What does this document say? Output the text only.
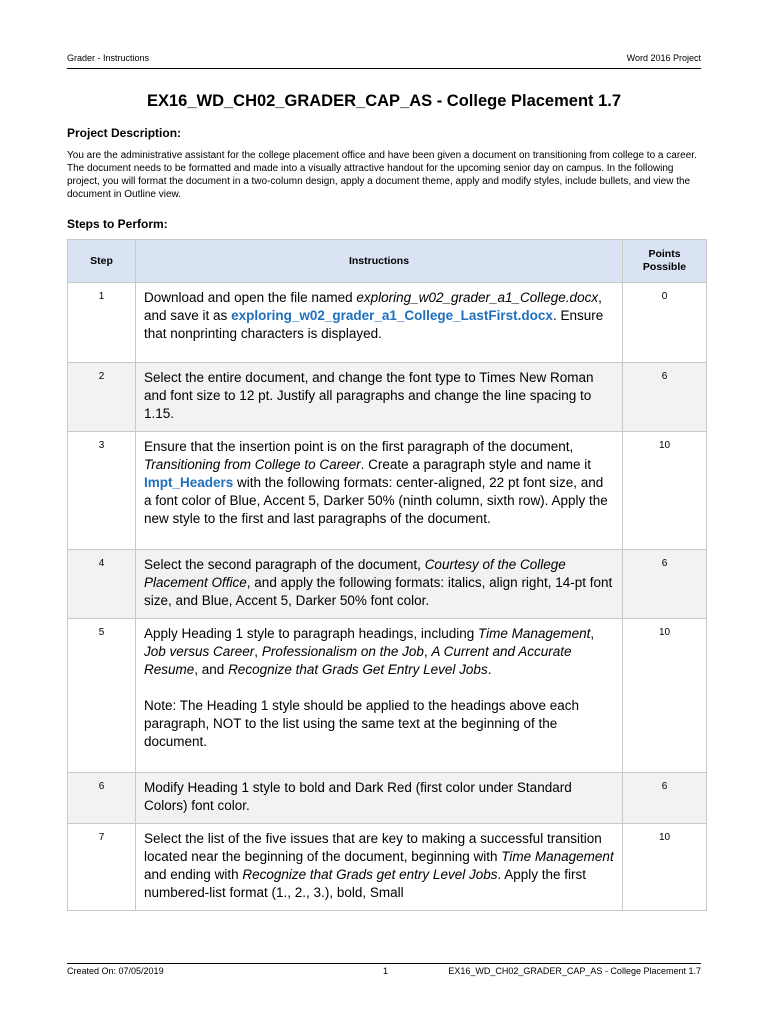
Grader - Instructions	Word 2016 Project
EX16_WD_CH02_GRADER_CAP_AS - College Placement 1.7
Project Description:
You are the administrative assistant for the college placement office and have been given a document on transitioning from college to a career. The document needs to be formatted and made into a visually attractive handout for the upcoming senior day on campus. In the following project, you will format the document in a two-column design, apply a document theme, apply and modify styles, include bullets, and view the document in Outline view.
Steps to Perform:
Step	Instructions	Points Possible
1	Download and open the file named exploring_w02_grader_a1_College.docx, and save it as exploring_w02_grader_a1_College_LastFirst.docx. Ensure that nonprinting characters is displayed.	0
2	Select the entire document, and change the font type to Times New Roman and font size to 12 pt. Justify all paragraphs and change the line spacing to 1.15.	6
3	Ensure that the insertion point is on the first paragraph of the document, Transitioning from College to Career. Create a paragraph style and name it Impt_Headers with the following formats: center-aligned, 22 pt font size, and a font color of Blue, Accent 5, Darker 50% (ninth column, sixth row). Apply the new style to the first and last paragraphs of the document.	10
4	Select the second paragraph of the document, Courtesy of the College Placement Office, and apply the following formats: italics, align right, 14-pt font size, and Blue, Accent 5, Darker 50% font color.	6
5	Apply Heading 1 style to paragraph headings, including Time Management, Job versus Career, Professionalism on the Job, A Current and Accurate Resume, and Recognize that Grads Get Entry Level Jobs.
Note: The Heading 1 style should be applied to the headings above each paragraph, NOT to the list using the same text at the beginning of the document.	10
6	Modify Heading 1 style to bold and Dark Red (first color under Standard Colors) font color.	6
7	Select the list of the five issues that are key to making a successful transition located near the beginning of the document, beginning with Time Management and ending with Recognize that Grads get entry Level Jobs. Apply the first numbered-list format (1., 2., 3.), bold, Small	10
Created On: 07/05/2019	1	EX16_WD_CH02_GRADER_CAP_AS - College Placement 1.7
